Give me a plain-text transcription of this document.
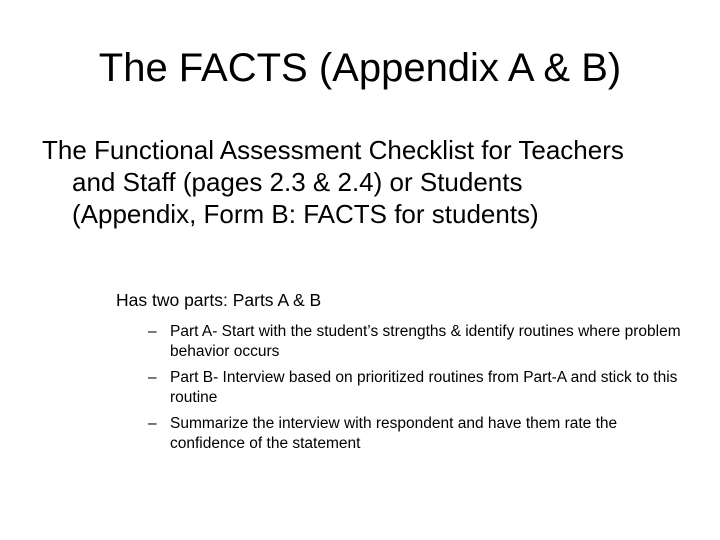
The FACTS (Appendix A & B)
The Functional Assessment Checklist for Teachers and Staff (pages 2.3 & 2.4) or Students (Appendix, Form B: FACTS for students)
Has two parts: Parts A & B
– Part A- Start with the student’s strengths & identify routines where problem behavior occurs
– Part B- Interview based on prioritized routines from Part-A and stick to this routine
– Summarize the interview with respondent and have them rate the confidence of the statement
